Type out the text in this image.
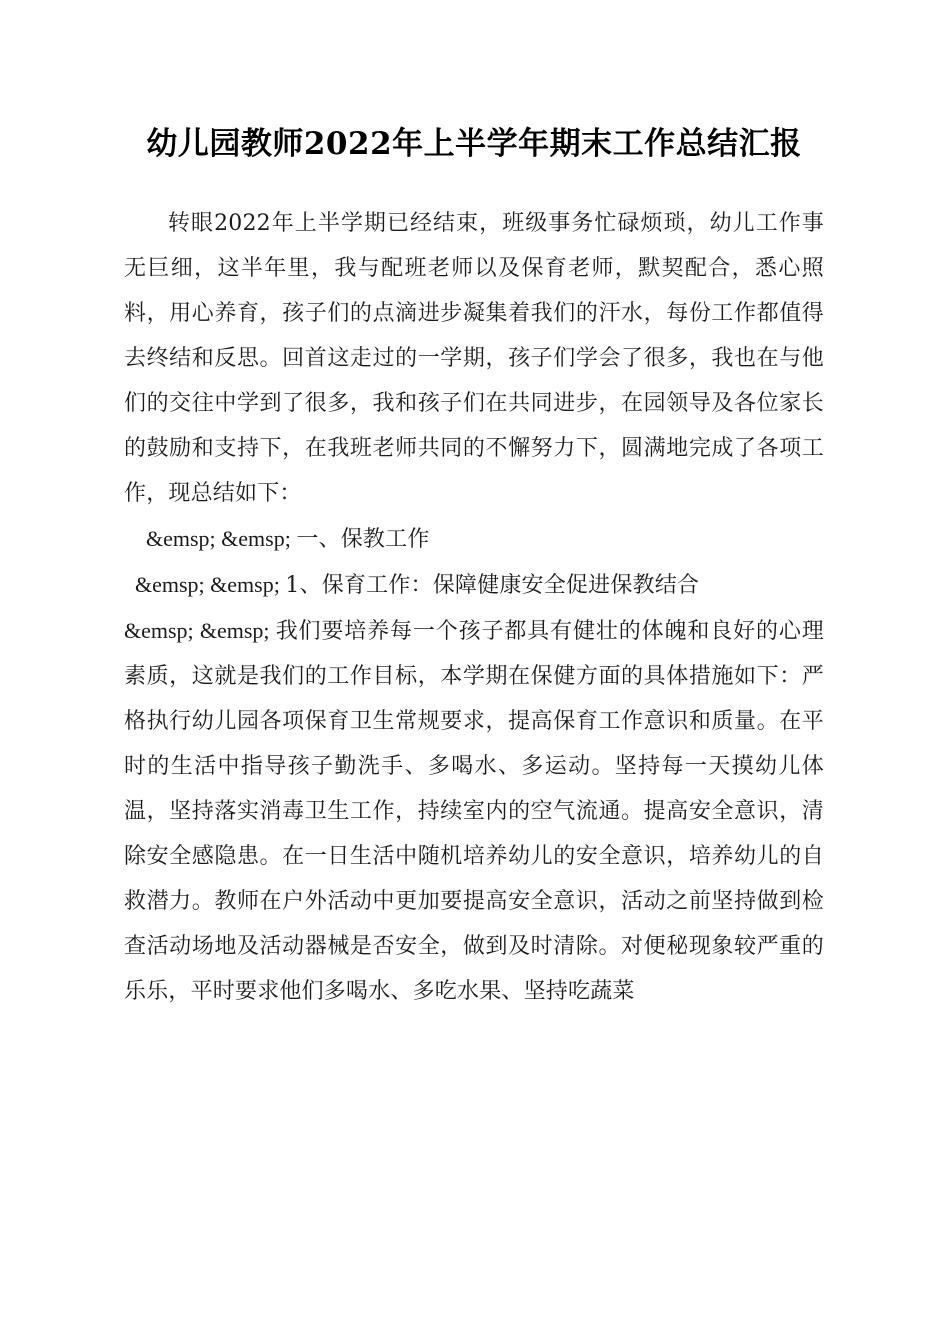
幼儿园教师2022年上半学年期末工作总结汇报

转眼2022年上半学期已经结束，班级事务忙碌烦琐，幼儿工作事无巨细，这半年里，我与配班老师以及保育老师，默契配合，悉心照料，用心养育，孩子们的点滴进步凝集着我们的汗水，每份工作都值得去终结和反思。回首这走过的一学期，孩子们学会了很多，我也在与他们的交往中学到了很多，我和孩子们在共同进步，在园领导及各位家长的鼓励和支持下，在我班老师共同的不懈努力下，圆满地完成了各项工作，现总结如下：

&emsp; &emsp; 一、保教工作

&emsp; &emsp; 1、保育工作：保障健康安全促进保教结合

&emsp; &emsp; 我们要培养每一个孩子都具有健壮的体魄和良好的心理素质，这就是我们的工作目标，本学期在保健方面的具体措施如下：严格执行幼儿园各项保育卫生常规要求，提高保育工作意识和质量。在平时的生活中指导孩子勤洗手、多喝水、多运动。坚持每一天摸幼儿体温，坚持落实消毒卫生工作，持续室内的空气流通。提高安全意识，清除安全感隐患。在一日生活中随机培养幼儿的安全意识，培养幼儿的自救潜力。教师在户外活动中更加要提高安全意识，活动之前坚持做到检查活动场地及活动器械是否安全，做到及时清除。对便秘现象较严重的乐乐，平时要求他们多喝水、多吃水果、坚持吃蔬菜
